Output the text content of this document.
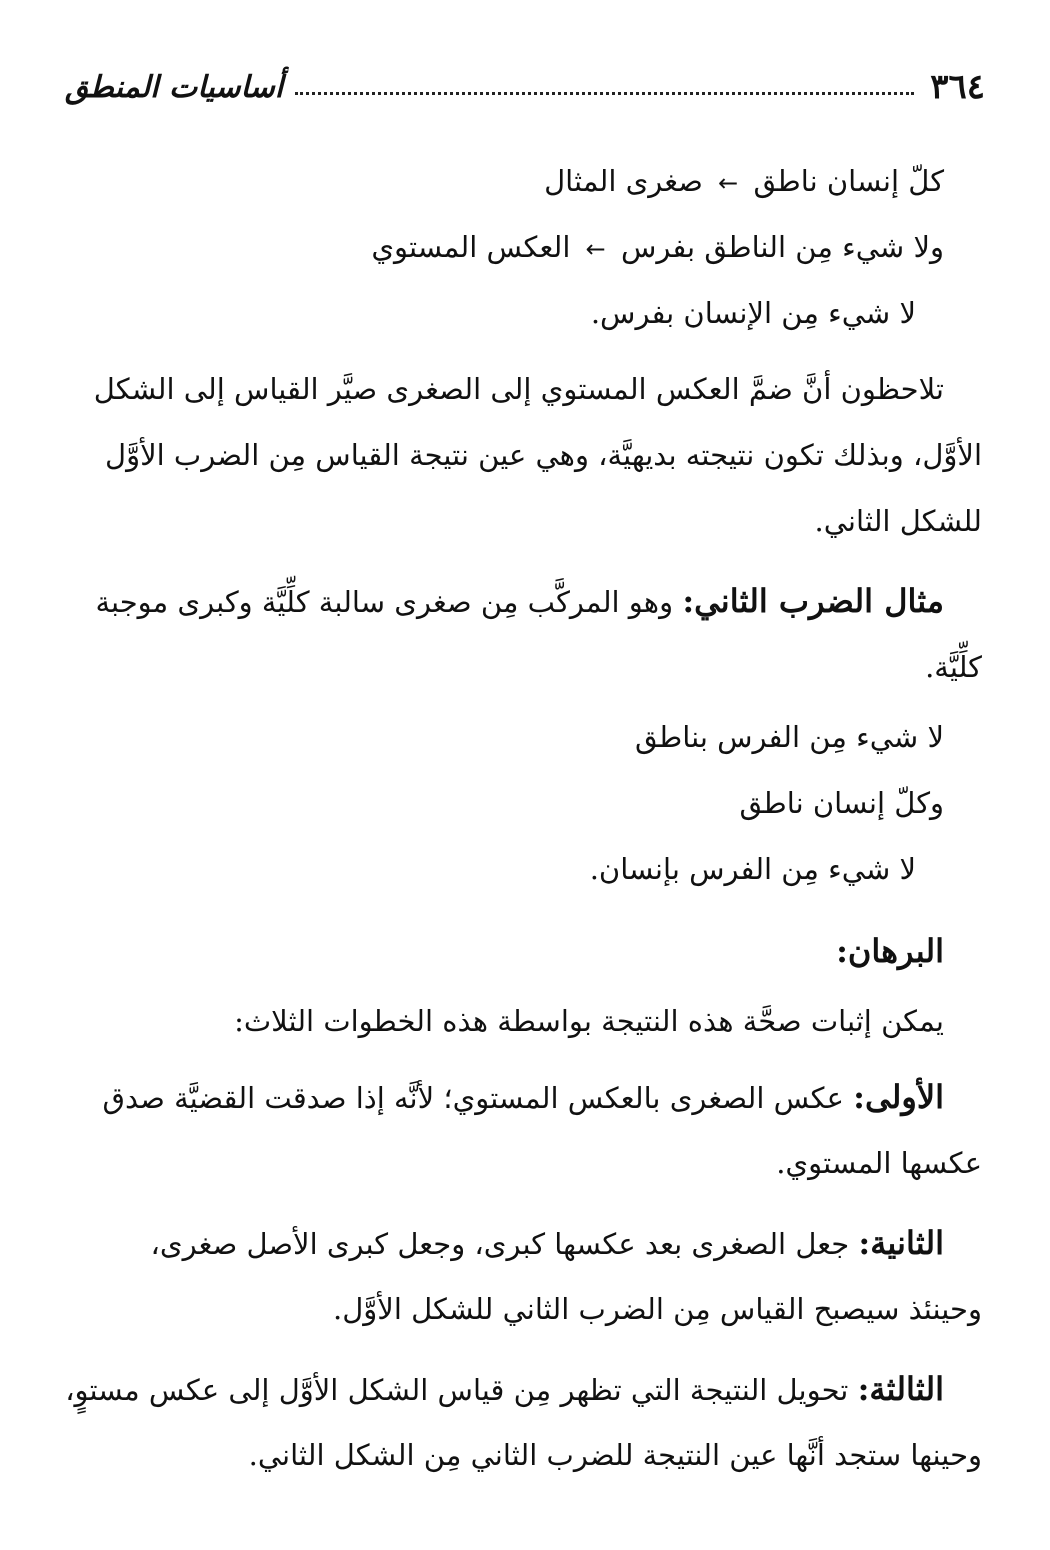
٣٦٤
أساسيات المنطق
كلّ إنسان ناطق ← صغرى المثال
ولا شيء مِن الناطق بفرس ← العكس المستوي
لا شيء مِن الإنسان بفرس.
تلاحظون أنَّ ضمَّ العكس المستوي إلى الصغرى صيَّر القياس إلى الشكل
الأوَّل، وبذلك تكون نتيجته بديهيَّة، وهي عين نتيجة القياس مِن الضرب الأوَّل
للشكل الثاني.
مثال الضرب الثاني: وهو المركَّب مِن صغرى سالبة كلِّيَّة وكبرى موجبة
كلِّيَّة.
لا شيء مِن الفرس بناطق
وكلّ إنسان ناطق
لا شيء مِن الفرس بإنسان.
البرهان:
يمكن إثبات صحَّة هذه النتيجة بواسطة هذه الخطوات الثلاث:
الأولى: عكس الصغرى بالعكس المستوي؛ لأنَّه إذا صدقت القضيَّة صدق
عكسها المستوي.
الثانية: جعل الصغرى بعد عكسها كبرى، وجعل كبرى الأصل صغرى،
وحينئذ سيصبح القياس مِن الضرب الثاني للشكل الأوَّل.
الثالثة: تحويل النتيجة التي تظهر مِن قياس الشكل الأوَّل إلى عكس مستوٍ،
وحينها ستجد أنَّها عين النتيجة للضرب الثاني مِن الشكل الثاني.
